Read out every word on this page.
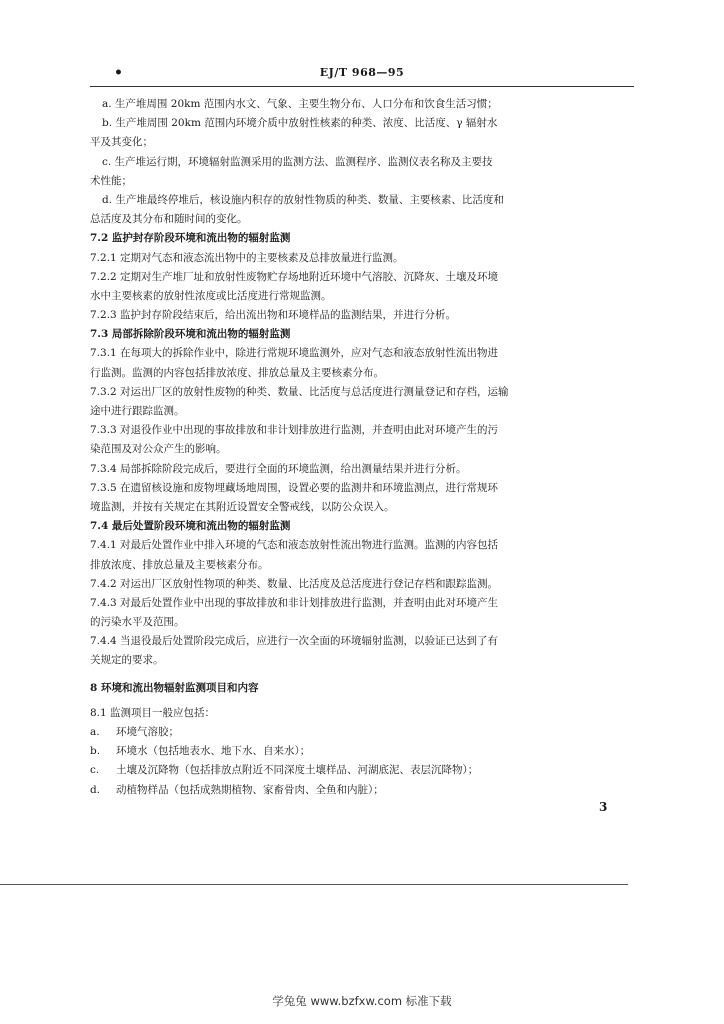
•	EJ/T 968—95
a. 生产堆周围 20km 范围内水文、气象、主要生物分布、人口分布和饮食生活习惯；
b. 生产堆周围 20km 范围内环境介质中放射性核素的种类、浓度、比活度、γ 辐射水
平及其变化；
c. 生产堆运行期，环境辐射监测采用的监测方法、监测程序、监测仪表名称及主要技
术性能；
d. 生产堆最终停堆后，核设施内积存的放射性物质的种类、数量、主要核素、比活度和
总活度及其分布和随时间的变化。
7.2 监护封存阶段环境和流出物的辐射监测
7.2.1 定期对气态和液态流出物中的主要核素及总排放量进行监测。
7.2.2 定期对生产堆厂址和放射性废物贮存场地附近环境中气溶胶、沉降灰、土壤及环境
水中主要核素的放射性浓度或比活度进行常规监测。
7.2.3 监护封存阶段结束后，给出流出物和环境样品的监测结果，并进行分析。
7.3 局部拆除阶段环境和流出物的辐射监测
7.3.1 在每项大的拆除作业中，除进行常规环境监测外，应对气态和液态放射性流出物进
行监测。监测的内容包括排放浓度、排放总量及主要核素分布。
7.3.2 对运出厂区的放射性废物的种类、数量、比活度与总活度进行测量登记和存档，运输
途中进行跟踪监测。
7.3.3 对退役作业中出现的事故排放和非计划排放进行监测，并查明由此对环境产生的污
染范围及对公众产生的影响。
7.3.4 局部拆除阶段完成后，要进行全面的环境监测，给出测量结果并进行分析。
7.3.5 在遗留核设施和废物埋藏场地周围，设置必要的监测井和环境监测点，进行常规环
境监测，并按有关规定在其附近设置安全警戒线，以防公众误入。
7.4 最后处置阶段环境和流出物的辐射监测
7.4.1 对最后处置作业中排入环境的气态和液态放射性流出物进行监测。监测的内容包括
排放浓度、排放总量及主要核素分布。
7.4.2 对运出厂区放射性物项的种类、数量、比活度及总活度进行登记存档和跟踪监测。
7.4.3 对最后处置作业中出现的事故排放和非计划排放进行监测，并查明由此对环境产生
的污染水平及范围。
7.4.4 当退役最后处置阶段完成后，应进行一次全面的环境辐射监测，以验证已达到了有
关规定的要求。
8 环境和流出物辐射监测项目和内容
8.1 监测项目一般应包括：
a. 环境气溶胶；
b. 环境水（包括地表水、地下水、自来水）；
c. 土壤及沉降物（包括排放点附近不同深度土壤样品、河湖底泥、表层沉降物）；
d. 动植物样品（包括成熟期植物、家畜骨肉、全鱼和内脏）；
3
学兔兔 www.bzfxw.com 标准下载
